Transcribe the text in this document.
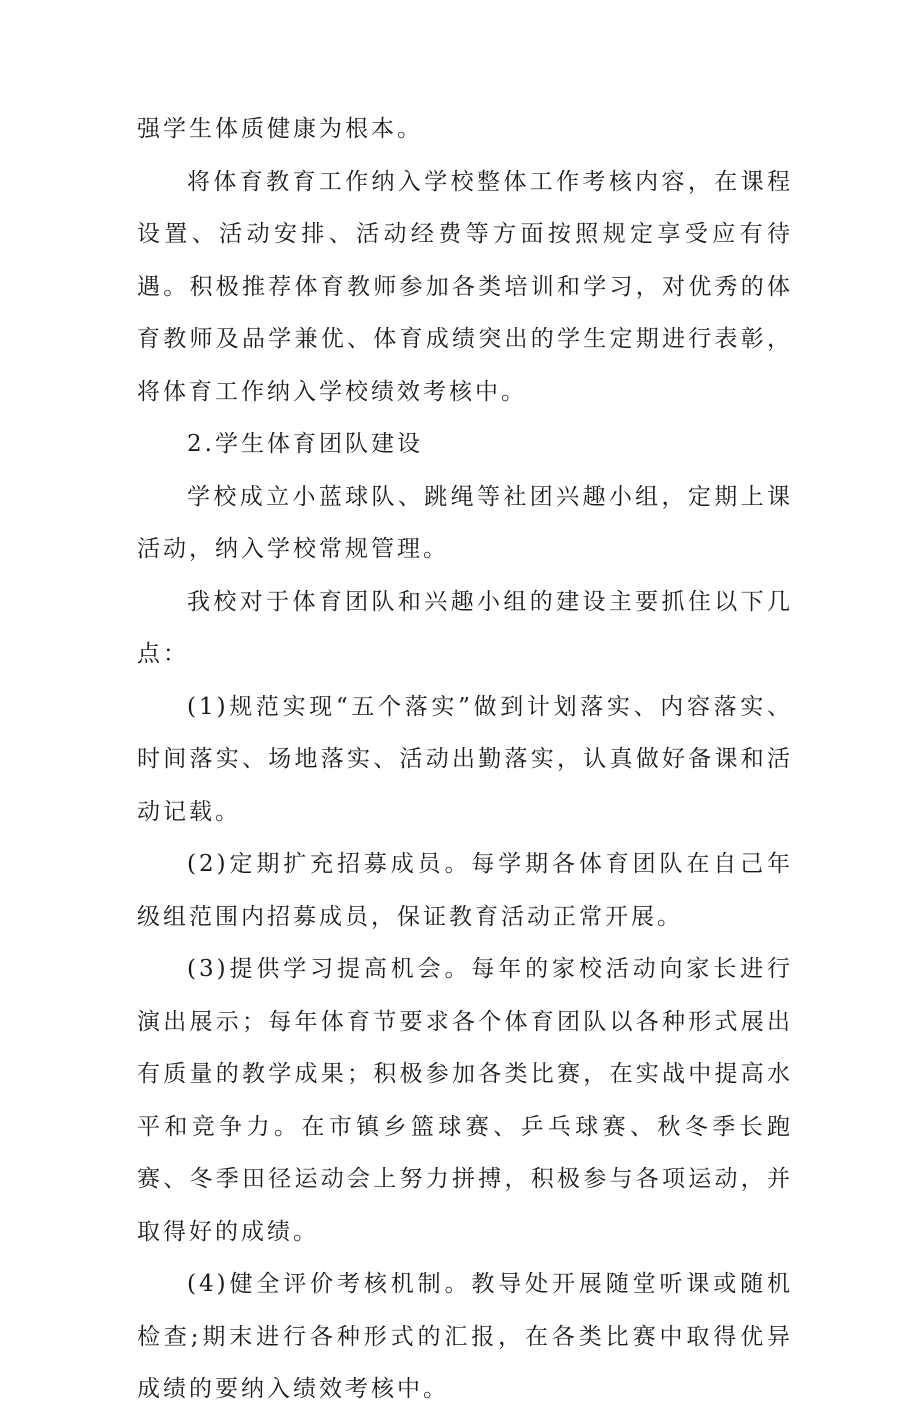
强学生体质健康为根本。

将体育教育工作纳入学校整体工作考核内容，在课程设置、活动安排、活动经费等方面按照规定享受应有待遇。积极推荐体育教师参加各类培训和学习，对优秀的体育教师及品学兼优、体育成绩突出的学生定期进行表彰，将体育工作纳入学校绩效考核中。

2.学生体育团队建设

学校成立小蓝球队、跳绳等社团兴趣小组，定期上课活动，纳入学校常规管理。

我校对于体育团队和兴趣小组的建设主要抓住以下几点：

(1)规范实现“五个落实”做到计划落实、内容落实、时间落实、场地落实、活动出勤落实，认真做好备课和活动记载。

(2)定期扩充招募成员。每学期各体育团队在自己年级组范围内招募成员，保证教育活动正常开展。

(3)提供学习提高机会。每年的家校活动向家长进行演出展示；每年体育节要求各个体育团队以各种形式展出有质量的教学成果；积极参加各类比赛，在实战中提高水平和竞争力。在市镇乡篮球赛、乒乓球赛、秋冬季长跑赛、冬季田径运动会上努力拼搏，积极参与各项运动，并取得好的成绩。

(4)健全评价考核机制。教导处开展随堂听课或随机检查;期末进行各种形式的汇报，在各类比赛中取得优异成绩的要纳入绩效考核中。
